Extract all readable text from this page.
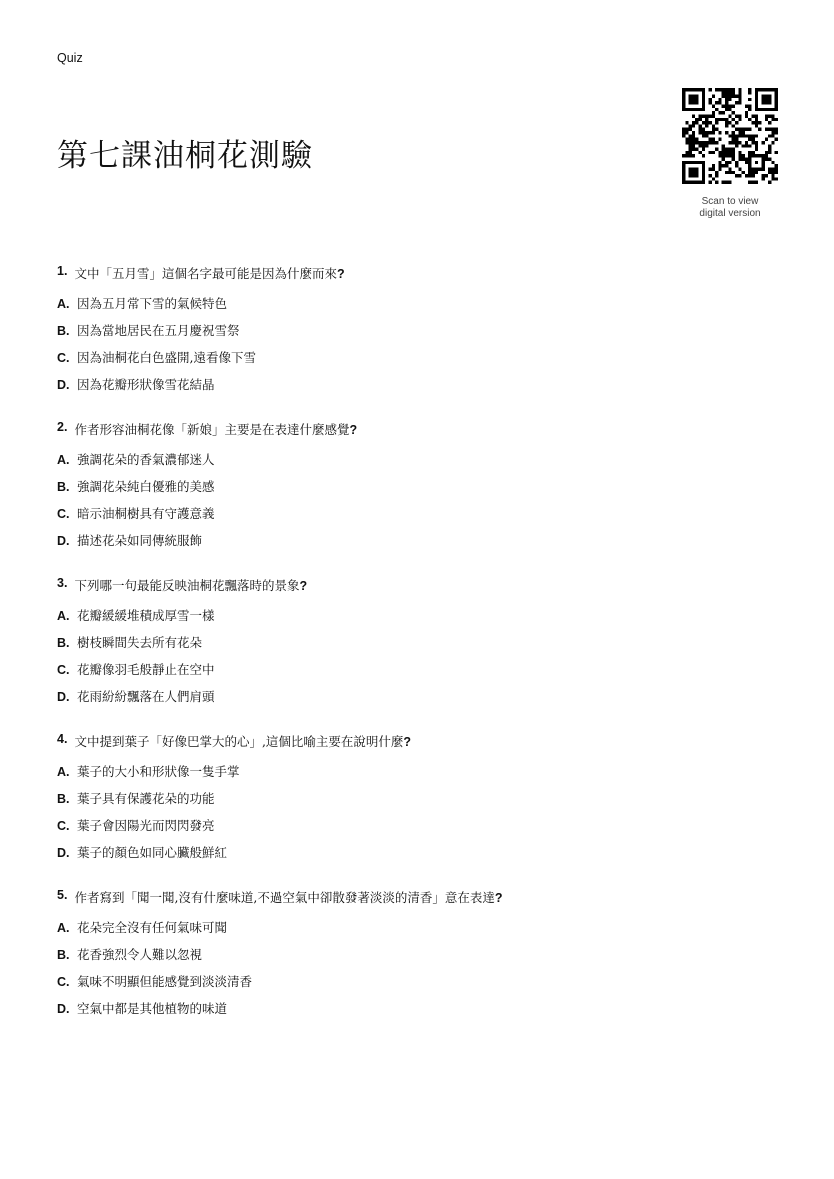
Quiz
第七課油桐花測驗
Scan to view
digital version
1. 文中「五月雪」這個名字最可能是因為什麼而來 ?
A. 因為五月常下雪的氣候特色
B. 因為當地居民在五月慶祝雪祭
C. 因為油桐花白色盛開,遠看像下雪
D. 因為花瓣形狀像雪花結晶
2. 作者形容油桐花像「新娘」主要是在表達什麼感覺 ?
A. 強調花朵的香氣濃郁迷人
B. 強調花朵純白優雅的美感
C. 暗示油桐樹具有守護意義
D. 描述花朵如同傳統服飾
3. 下列哪一句最能反映油桐花飄落時的景象 ?
A. 花瓣緩緩堆積成厚雪一樣
B. 樹枝瞬間失去所有花朵
C. 花瓣像羽毛般靜止在空中
D. 花雨紛紛飄落在人們肩頭
4. 文中提到葉子「好像巴掌大的心」,這個比喻主要在說明什麼 ?
A. 葉子的大小和形狀像一隻手掌
B. 葉子具有保護花朵的功能
C. 葉子會因陽光而閃閃發亮
D. 葉子的顏色如同心臟般鮮紅
5. 作者寫到「聞一聞,沒有什麼味道,不過空氣中卻散發著淡淡的清香」意在表達 ?
A. 花朵完全沒有任何氣味可聞
B. 花香強烈令人難以忽視
C. 氣味不明顯但能感覺到淡淡清香
D. 空氣中都是其他植物的味道
